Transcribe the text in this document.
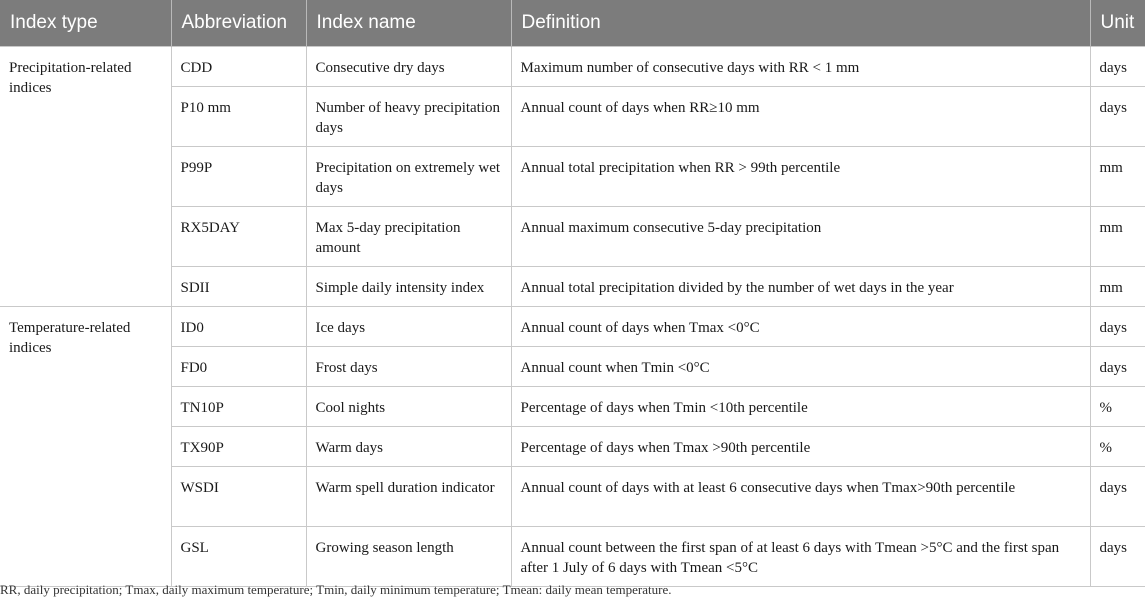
Index type	Abbreviation	Index name	Definition	Unit
Precipitation-related indices	CDD	Consecutive dry days	Maximum number of consecutive days with RR < 1 mm	days
	P10 mm	Number of heavy precipitation days	Annual count of days when RR≥10 mm	days
	P99P	Precipitation on extremely wet days	Annual total precipitation when RR > 99th percentile	mm
	RX5DAY	Max 5-day precipitation amount	Annual maximum consecutive 5-day precipitation	mm
	SDII	Simple daily intensity index	Annual total precipitation divided by the number of wet days in the year	mm
Temperature-related indices	ID0	Ice days	Annual count of days when Tmax <0°C	days
	FD0	Frost days	Annual count when Tmin <0°C	days
	TN10P	Cool nights	Percentage of days when Tmin <10th percentile	%
	TX90P	Warm days	Percentage of days when Tmax >90th percentile	%
	WSDI	Warm spell duration indicator	Annual count of days with at least 6 consecutive days when Tmax>90th percentile	days
	GSL	Growing season length	Annual count between the first span of at least 6 days with Tmean >5°C and the first span after 1 July of 6 days with Tmean <5°C	days
RR, daily precipitation; Tmax, daily maximum temperature; Tmin, daily minimum temperature; Tmean: daily mean temperature.
